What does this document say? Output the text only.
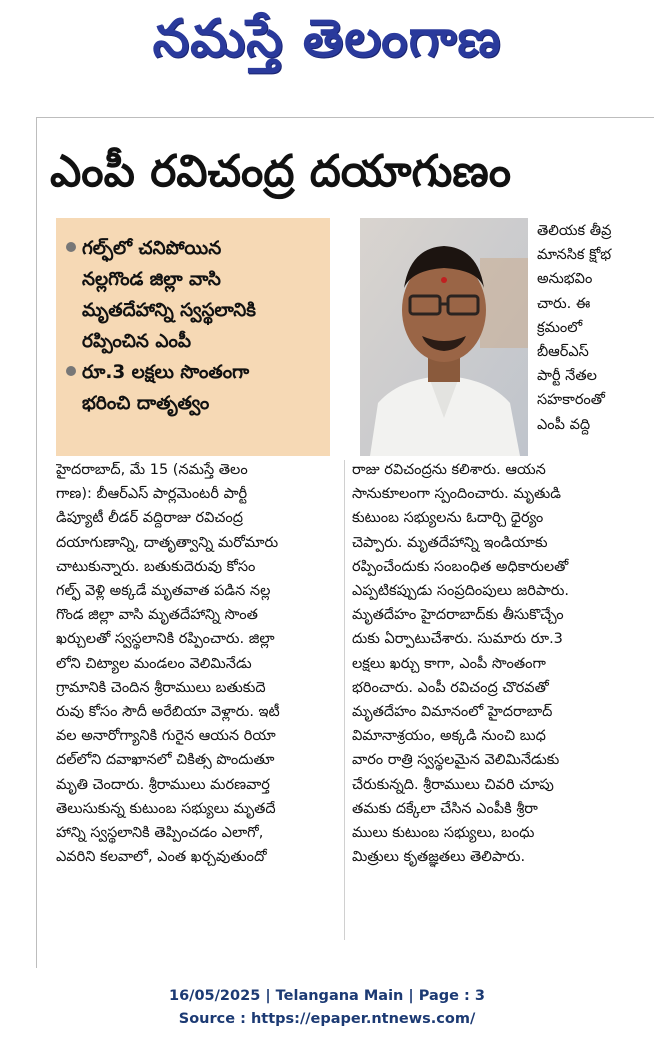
నమస్తే తెలంగాణ
ఎంపీ రవిచంద్ర దయాగుణం
గల్ఫ్‌లో చనిపోయిన
నల్లగొండ జిల్లా వాసి
మృతదేహాన్ని స్వస్థలానికి
రప్పించిన ఎంపీ
రూ.3 లక్షలు సొంతంగా
భరించి దాతృత్వం
తెలియక తీవ్ర
మానసిక క్షోభ
అనుభవిం
చారు. ఈ
క్రమంలో
బీఆర్‌ఎస్
పార్టీ నేతల
సహకారంతో
ఎంపీ వద్ది
హైదరాబాద్, మే 15 (నమస్తే తెలం
గాణ): బీఆర్‌ఎస్ పార్లమెంటరీ పార్టీ
డిప్యూటీ లీడర్ వద్దిరాజు రవిచంద్ర
దయాగుణాన్ని, దాతృత్వాన్ని మరోమారు
చాటుకున్నారు. బతుకుదెరువు కోసం
గల్ఫ్ వెళ్లి అక్కడే మృతవాత పడిన నల్ల
గొండ జిల్లా వాసి మృతదేహాన్ని సొంత
ఖర్చులతో స్వస్థలానికి రప్పించారు. జిల్లా
లోని చిట్యాల మండలం వెలిమినేడు
గ్రామానికి చెందిన శ్రీరాములు బతుకుదె
రువు కోసం సౌదీ అరేబియా వెళ్లారు. ఇటీ
వల అనారోగ్యానికి గురైన ఆయన రియా
దల్‌లోని దవాఖానలో చికిత్స పొందుతూ
మృతి చెందారు. శ్రీరాములు మరణవార్త
తెలుసుకున్న కుటుంబ సభ్యులు మృతదే
హాన్ని స్వస్థలానికి తెప్పించడం ఎలాగో,
ఎవరిని కలవాలో, ఎంత ఖర్చవుతుందో
రాజు రవిచంద్రను కలిశారు. ఆయన
సానుకూలంగా స్పందించారు. మృతుడి
కుటుంబ సభ్యులను ఓదార్చి ధైర్యం
చెప్పారు. మృతదేహాన్ని ఇండియాకు
రప్పించేందుకు సంబంధిత అధికారులతో
ఎప్పటికప్పుడు సంప్రదింపులు జరిపారు.
మృతదేహం హైదరాబాద్‌కు తీసుకొచ్చేం
దుకు ఏర్పాటుచేశారు. సుమారు రూ.3
లక్షలు ఖర్చు కాగా, ఎంపీ సొంతంగా
భరించారు. ఎంపీ రవిచంద్ర చొరవతో
మృతదేహం విమానంలో హైదరాబాద్
విమానాశ్రయం, అక్కడి నుంచి బుధ
వారం రాత్రి స్వస్థలమైన వెలిమినేడుకు
చేరుకున్నది. శ్రీరాములు చివరి చూపు
తమకు దక్కేలా చేసిన ఎంపీకి శ్రీరా
ములు కుటుంబ సభ్యులు, బంధు
మిత్రులు కృతజ్ఞతలు తెలిపారు.
16/05/2025 | Telangana Main | Page : 3
Source : https://epaper.ntnews.com/
